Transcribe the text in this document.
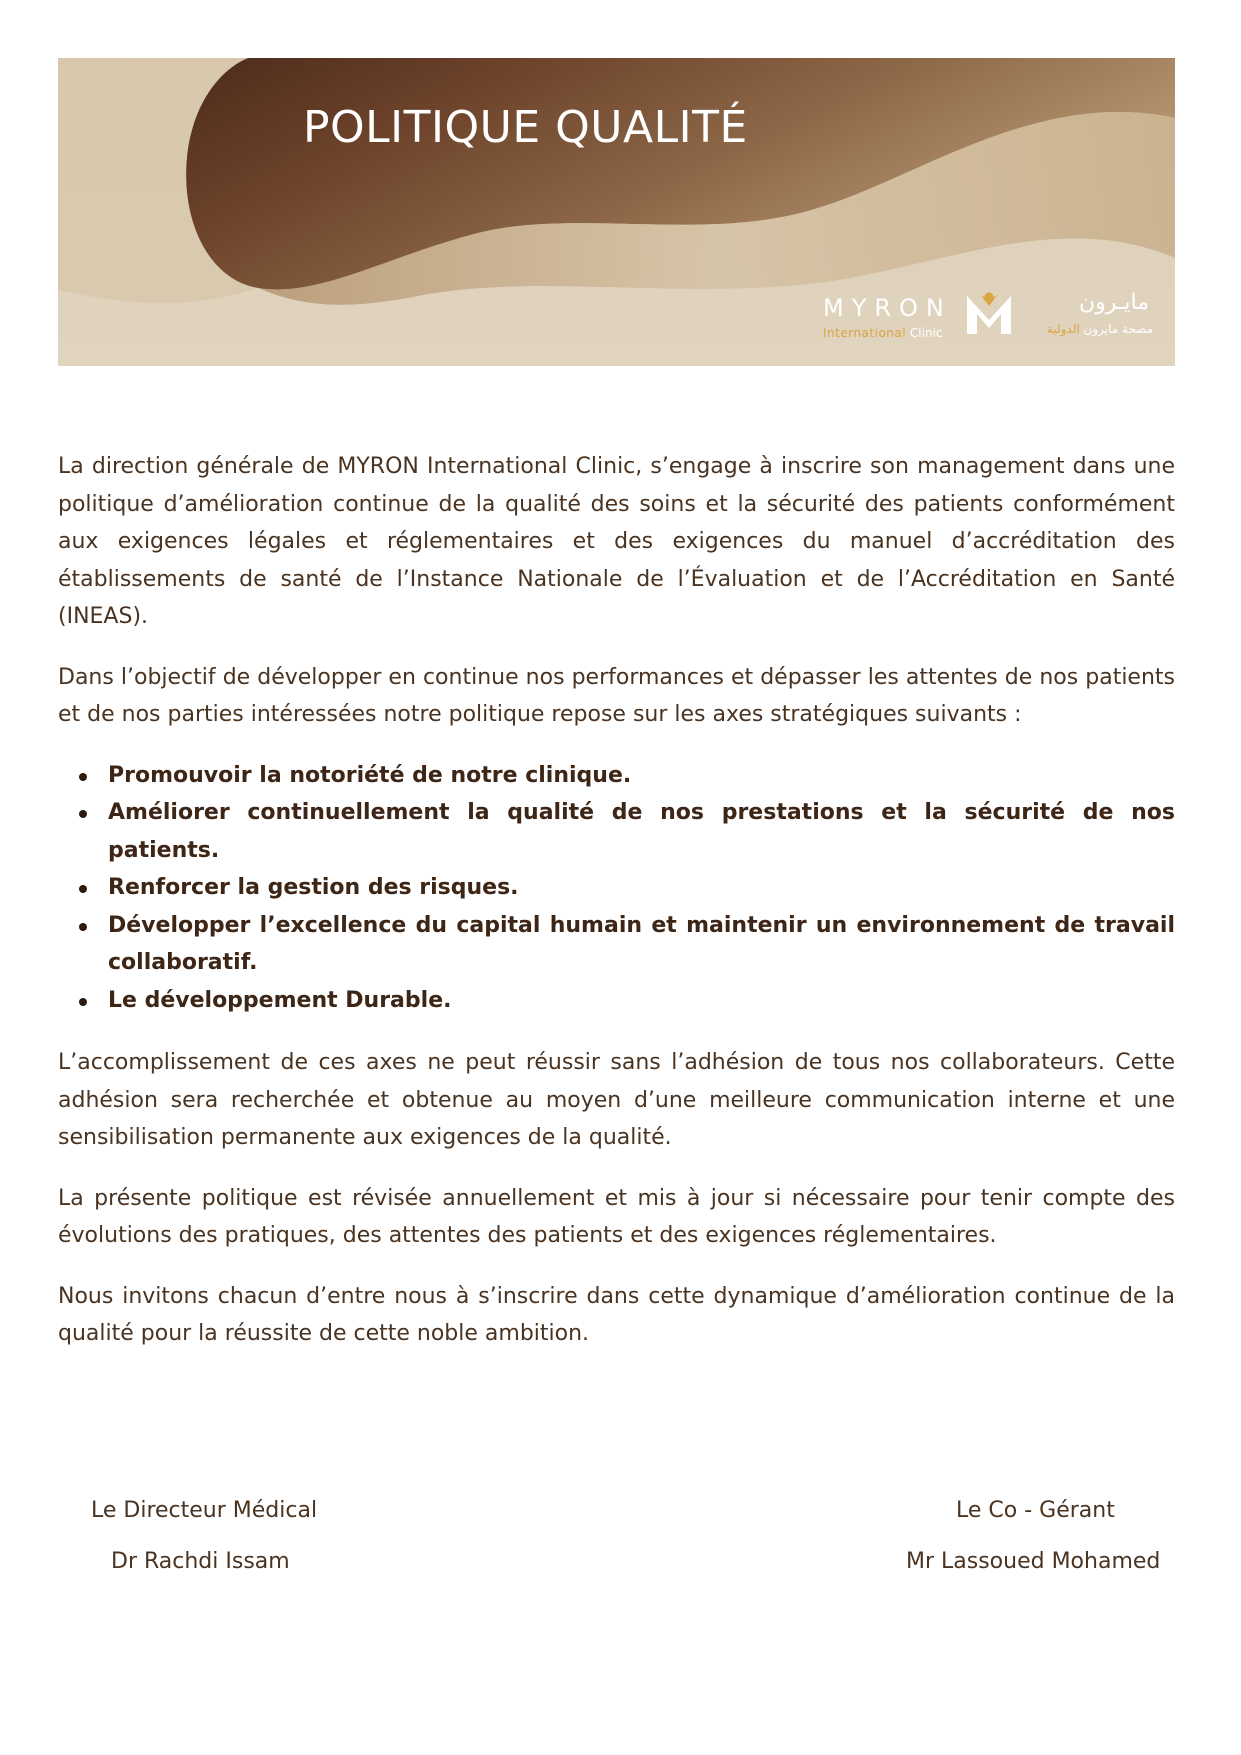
POLITIQUE QUALITÉ
MYRON
International Clinic
مايـرون
مصحة مايرون الدولية

La direction générale de MYRON International Clinic, s’engage à inscrire son management dans une politique d’amélioration continue de la qualité des soins et la sécurité des patients conformément aux exigences légales et réglementaires et des exigences du manuel d’accréditation des établissements de santé de l’Instance Nationale de l’Évaluation et de l’Accréditation en Santé (INEAS).

Dans l’objectif de développer en continue nos performances et dépasser les attentes de nos patients et de nos parties intéressées notre politique repose sur les axes stratégiques suivants :

Promouvoir la notoriété de notre clinique.
Améliorer continuellement la qualité de nos prestations et la sécurité de nos patients.
Renforcer la gestion des risques.
Développer l’excellence du capital humain et maintenir un environnement de travail collaboratif.
Le développement Durable.

L’accomplissement de ces axes ne peut réussir sans l’adhésion de tous nos collaborateurs. Cette adhésion sera recherchée et obtenue au moyen d’une meilleure communication interne et une sensibilisation permanente aux exigences de la qualité.

La présente politique est révisée annuellement et mis à jour si nécessaire pour tenir compte des évolutions des pratiques, des attentes des patients et des exigences réglementaires.

Nous invitons chacun d’entre nous à s’inscrire dans cette dynamique d’amélioration continue de la qualité pour la réussite de cette noble ambition.

Le Directeur Médical
Dr Rachdi Issam
Le Co - Gérant
Mr Lassoued Mohamed
